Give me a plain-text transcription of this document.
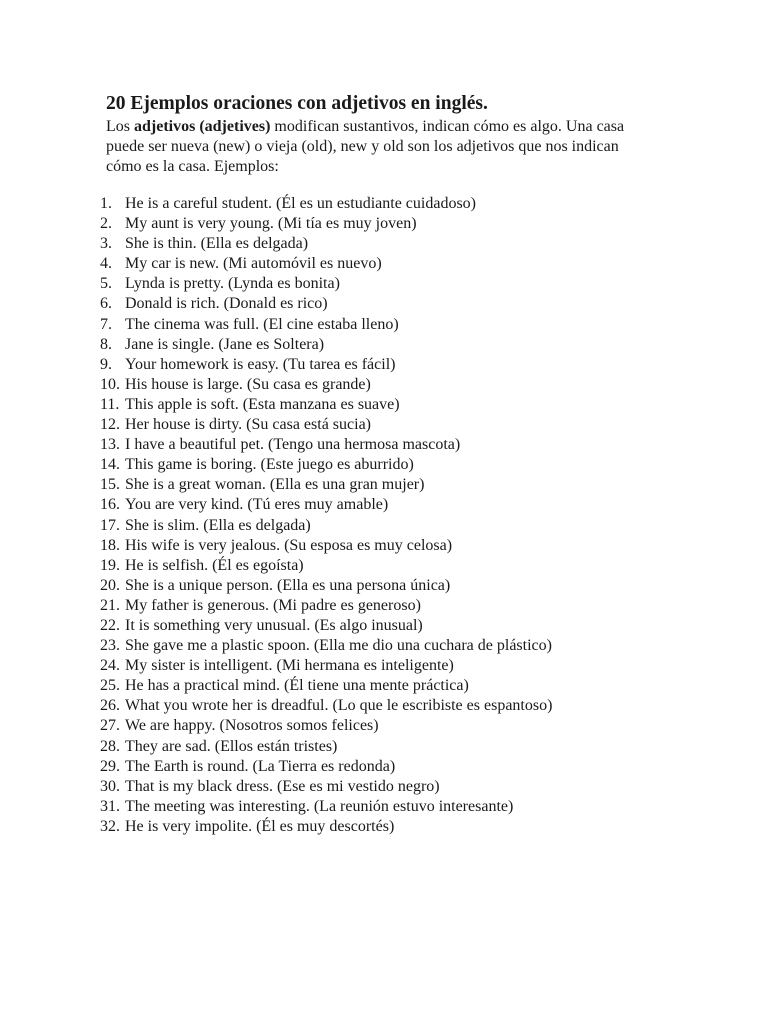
20 Ejemplos oraciones con adjetivos en inglés.
Los adjetivos (adjetives) modifican sustantivos, indican cómo es algo. Una casa
puede ser nueva (new) o vieja (old), new y old son los adjetivos que nos indican
cómo es la casa. Ejemplos:
1. He is a careful student. (Él es un estudiante cuidadoso)
2. My aunt is very young. (Mi tía es muy joven)
3. She is thin. (Ella es delgada)
4. My car is new. (Mi automóvil es nuevo)
5. Lynda is pretty. (Lynda es bonita)
6. Donald is rich. (Donald es rico)
7. The cinema was full. (El cine estaba lleno)
8. Jane is single. (Jane es Soltera)
9. Your homework is easy. (Tu tarea es fácil)
10. His house is large. (Su casa es grande)
11. This apple is soft. (Esta manzana es suave)
12. Her house is dirty. (Su casa está sucia)
13. I have a beautiful pet. (Tengo una hermosa mascota)
14. This game is boring. (Este juego es aburrido)
15. She is a great woman. (Ella es una gran mujer)
16. You are very kind. (Tú eres muy amable)
17. She is slim. (Ella es delgada)
18. His wife is very jealous. (Su esposa es muy celosa)
19. He is selfish. (Él es egoísta)
20. She is a unique person. (Ella es una persona única)
21. My father is generous. (Mi padre es generoso)
22. It is something very unusual. (Es algo inusual)
23. She gave me a plastic spoon. (Ella me dio una cuchara de plástico)
24. My sister is intelligent. (Mi hermana es inteligente)
25. He has a practical mind. (Él tiene una mente práctica)
26. What you wrote her is dreadful. (Lo que le escribiste es espantoso)
27. We are happy. (Nosotros somos felices)
28. They are sad. (Ellos están tristes)
29. The Earth is round. (La Tierra es redonda)
30. That is my black dress. (Ese es mi vestido negro)
31. The meeting was interesting. (La reunión estuvo interesante)
32. He is very impolite. (Él es muy descortés)
